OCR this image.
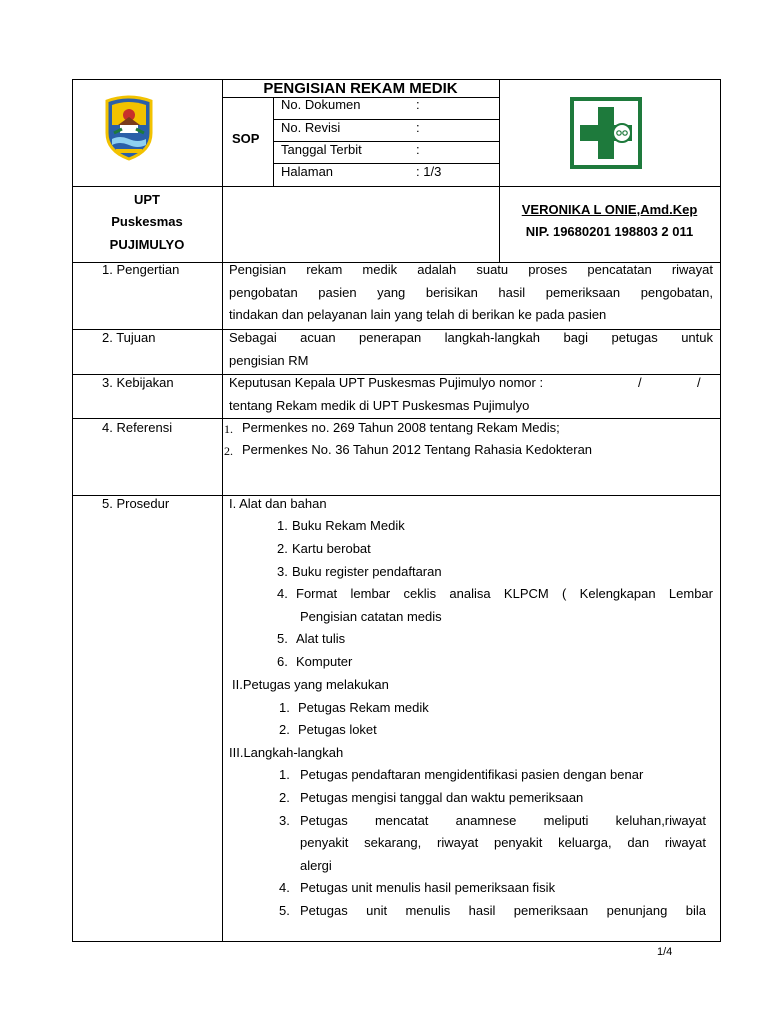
PENGISIAN REKAM MEDIK
SOP
No. Dokumen	:
No. Revisi	:
Tanggal Terbit	:
Halaman	: 1/3
UPT
Puskesmas
PUJIMULYO
VERONIKA L ONIE,Amd.Kep
NIP. 19680201 198803 2 011
1. Pengertian	Pengisian rekam medik adalah suatu proses pencatatan riwayat
pengobatan pasien yang berisikan hasil pemeriksaan pengobatan,
tindakan dan pelayanan lain yang telah di berikan ke pada pasien
2. Tujuan	Sebagai acuan penerapan langkah-langkah bagi petugas untuk
pengisian RM
3. Kebijakan	Keputusan Kepala UPT Puskesmas Pujimulyo nomor :	/	/
tentang Rekam medik di UPT Puskesmas Pujimulyo
4. Referensi	1. Permenkes no. 269 Tahun 2008 tentang Rekam Medis;
2. Permenkes No. 36 Tahun 2012 Tentang Rahasia Kedokteran
5. Prosedur	I. Alat dan bahan
1. Buku Rekam Medik
2. Kartu berobat
3. Buku register pendaftaran
4. Format lembar ceklis analisa KLPCM ( Kelengkapan Lembar
Pengisian catatan medis
5. Alat tulis
6. Komputer
II.Petugas yang melakukan
1. Petugas Rekam medik
2. Petugas loket
III.Langkah-langkah
1. Petugas pendaftaran mengidentifikasi pasien dengan benar
2. Petugas mengisi tanggal dan waktu pemeriksaan
3. Petugas mencatat anamnese meliputi keluhan,riwayat
penyakit sekarang, riwayat penyakit keluarga, dan riwayat
alergi
4. Petugas unit menulis hasil pemeriksaan fisik
5. Petugas unit menulis hasil pemeriksaan penunjang bila
1/4
